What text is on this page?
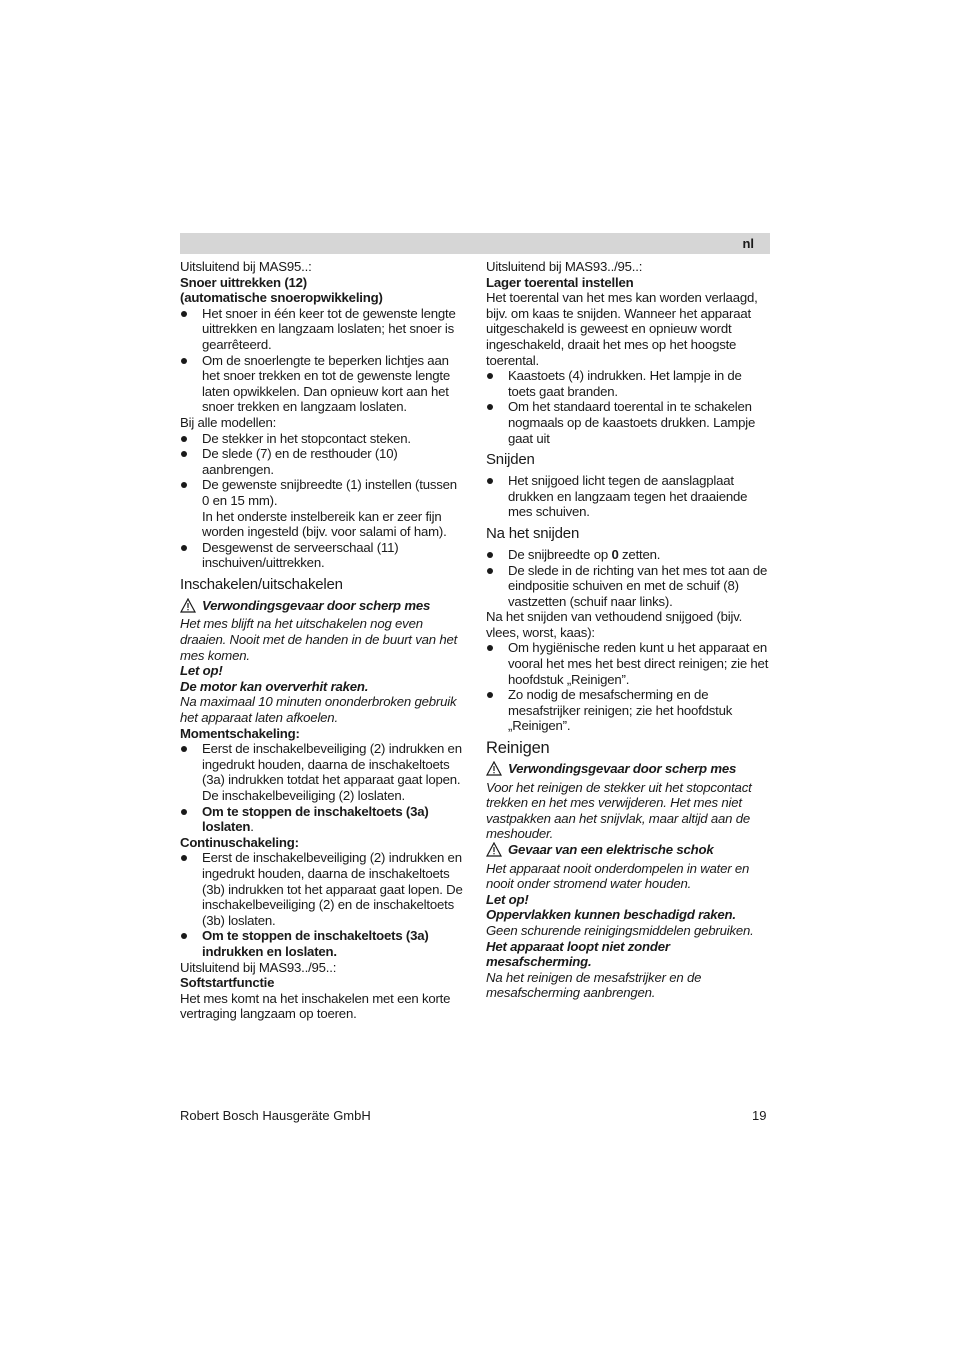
nl

Uitsluitend bij MAS95..:

Snoer uittrekken (12)

(automatische snoeropwikkeling)

Het snoer in één keer tot de gewenste lengte uittrekken en langzaam loslaten; het snoer is gearrêteerd.
Om de snoerlengte te beperken lichtjes aan het snoer trekken en tot de gewenste lengte laten opwikkelen. Dan opnieuw kort aan het snoer trekken en langzaam loslaten.

Bij alle modellen:

De stekker in het stopcontact steken.
De slede (7) en de resthouder (10) aanbrengen.
De gewenste snijbreedte (1) instellen (tussen 0 en 15 mm).
In het onderste instelbereik kan er zeer fijn worden ingesteld (bijv. voor salami of ham).
Desgewenst de serveerschaal (11) inschuiven/uittrekken.
Inschakelen/uitschakelen

Verwondingsgevaar door scherp mes

Het mes blijft na het uitschakelen nog even draaien. Nooit met de handen in de buurt van het mes komen.

Let op!

De motor kan oververhit raken.

Na maximaal 10 minuten ononderbroken gebruik het apparaat laten afkoelen.

Momentschakeling:

Eerst de inschakelbeveiliging (2) indrukken en ingedrukt houden, daarna de inschakeltoets (3a) indrukken totdat het apparaat gaat lopen. De inschakelbeveiliging (2) loslaten.
Om te stoppen de inschakeltoets (3a) loslaten.

Continuschakeling:

Eerst de inschakelbeveiliging (2) indrukken en ingedrukt houden, daarna de inschakeltoets (3b) indrukken tot het apparaat gaat lopen. De inschakelbeveiliging (2) en de inschakeltoets (3b) loslaten.
Om te stoppen de inschakeltoets (3a) indrukken en loslaten.

Uitsluitend bij MAS93../95..:

Softstartfunctie

Het mes komt na het inschakelen met een korte vertraging langzaam op toeren.

Uitsluitend bij MAS93../95..:

Lager toerental instellen

Het toerental van het mes kan worden verlaagd, bijv. om kaas te snijden. Wanneer het apparaat uitgeschakeld is geweest en opnieuw wordt ingeschakeld, draait het mes op het hoogste toerental.

Kaastoets (4) indrukken. Het lampje in de toets gaat branden.
Om het standaard toerental in te schakelen nogmaals op de kaastoets drukken. Lampje gaat uit
Snijden
Het snijgoed licht tegen de aanslagplaat drukken en langzaam tegen het draaiende mes schuiven.
Na het snijden
De snijbreedte op 0 zetten.
De slede in de richting van het mes tot aan de eindpositie schuiven en met de schuif (8) vastzetten (schuif naar links).

Na het snijden van vethoudend snijgoed (bijv. vlees, worst, kaas):

Om hygiënische reden kunt u het apparaat en vooral het mes het best direct reinigen; zie het hoofdstuk „Reinigen”.
Zo nodig de mesafscherming en de mesafstrijker reinigen; zie het hoofdstuk „Reinigen”.
Reinigen

Verwondingsgevaar door scherp mes

Voor het reinigen de stekker uit het stopcontact trekken en het mes verwijderen. Het mes niet vastpakken aan het snijvlak, maar altijd aan de meshouder.

Gevaar van een elektrische schok

Het apparaat nooit onderdompelen in water en nooit onder stromend water houden.

Let op!

Oppervlakken kunnen beschadigd raken.

Geen schurende reinigingsmiddelen gebruiken.

Het apparaat loopt niet zonder mesafscherming.

Na het reinigen de mesafstrijker en de mesafscherming aanbrengen.

Robert Bosch Hausgeräte GmbH	19
